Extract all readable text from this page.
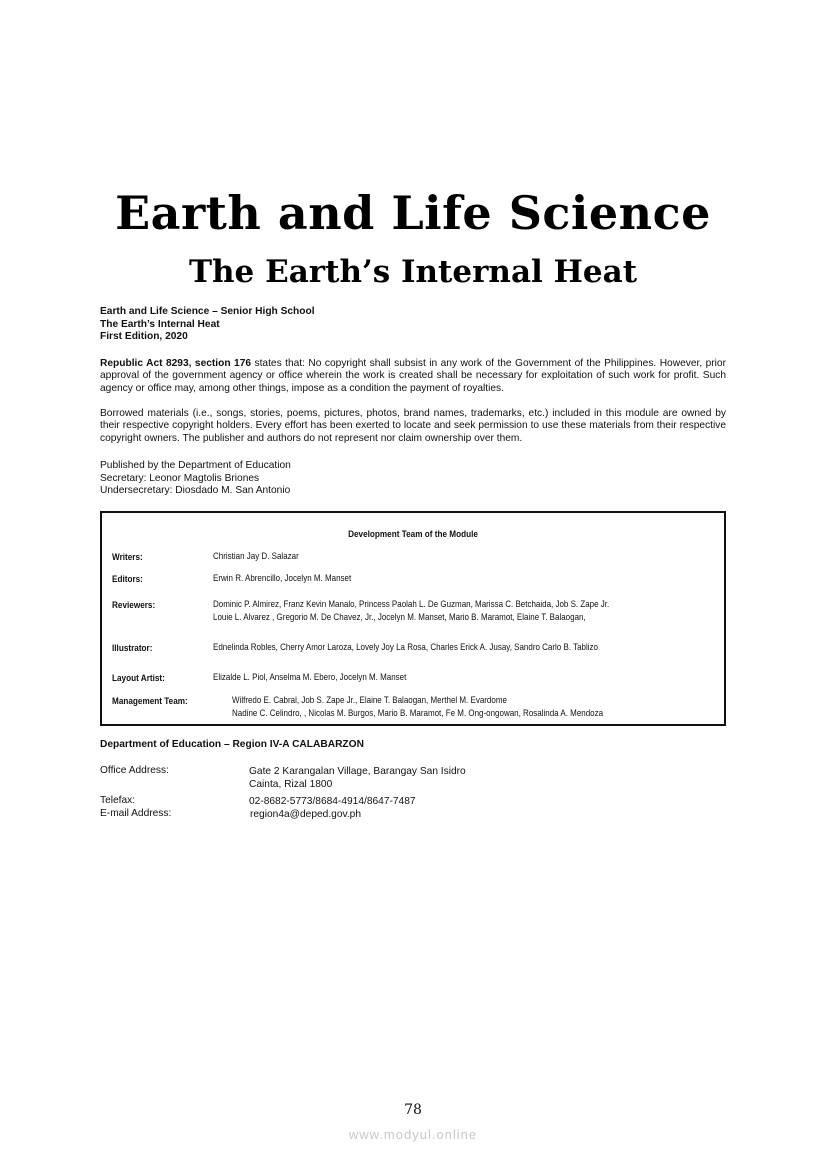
Earth and Life Science
The Earth’s Internal Heat
Earth and Life Science – Senior High School
The Earth’s Internal Heat
First Edition, 2020
Republic Act 8293, section 176 states that: No copyright shall subsist in any work of the Government of the Philippines. However, prior approval of the government agency or office wherein the work is created shall be necessary for exploitation of such work for profit. Such agency or office may, among other things, impose as a condition the payment of royalties.
Borrowed materials (i.e., songs, stories, poems, pictures, photos, brand names, trademarks, etc.) included in this module are owned by their respective copyright holders. Every effort has been exerted to locate and seek permission to use these materials from their respective copyright owners. The publisher and authors do not represent nor claim ownership over them.
Published by the Department of Education
Secretary: Leonor Magtolis Briones
Undersecretary: Diosdado M. San Antonio
Development Team of the Module
Writers:	Christian Jay D. Salazar
Editors:	Erwin R. Abrencillo, Jocelyn M. Manset
Reviewers:	Dominic P. Almirez, Franz Kevin Manalo, Princess Paolah L. De Guzman, Marissa C. Betchaida, Job S. Zape Jr.
Louie L. Alvarez , Gregorio M. De Chavez, Jr., Jocelyn M. Manset, Mario B. Maramot, Elaine T. Balaogan,
Illustrator:	Ednelinda Robles, Cherry Amor Laroza, Lovely Joy La Rosa, Charles Erick A. Jusay, Sandro Carlo B. Tablizo
Layout Artist:	Elizalde L. Piol, Anselma M. Ebero, Jocelyn M. Manset
Management Team:	Wilfredo E. Cabral, Job S. Zape Jr., Elaine T. Balaogan, Merthel M. Evardome
Nadine C. Celindro, , Nicolas M. Burgos, Mario B. Maramot, Fe M. Ong-ongowan, Rosalinda A. Mendoza
Department of Education – Region IV-A CALABARZON
Office Address:	Gate 2 Karangalan Village, Barangay San Isidro
Cainta, Rizal 1800
Telefax:	02-8682-5773/8684-4914/8647-7487
E-mail Address:	region4a@deped.gov.ph
78
www.modyul.online
